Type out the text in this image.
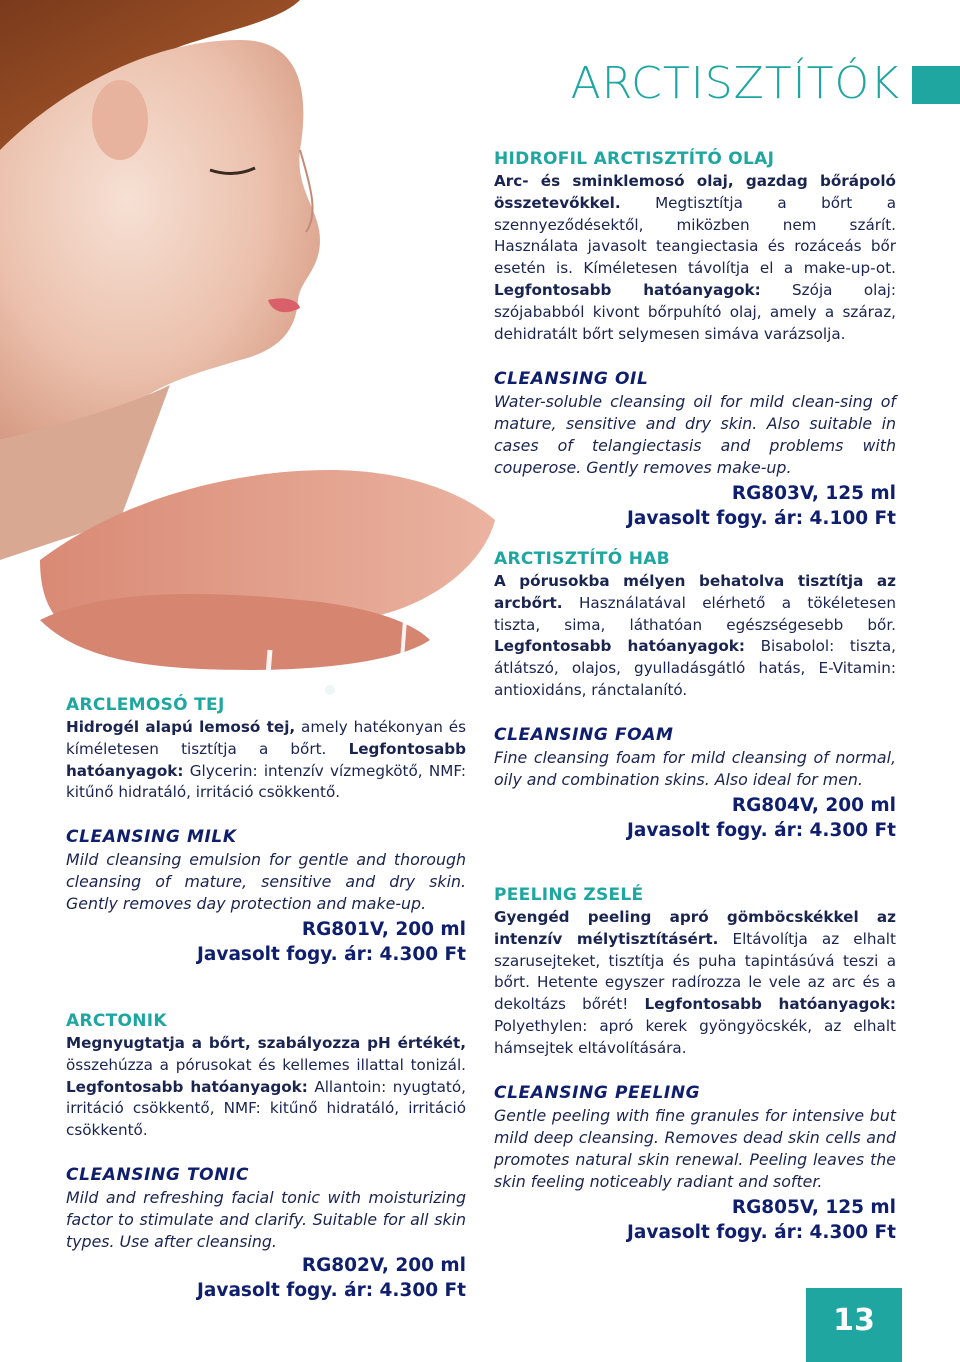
ARCTISZTÍTÓK
HIDROFIL ARCTISZTÍTÓ OLAJ

Arc- és sminklemosó olaj, gazdag bőrápoló összetevőkkel. Megtisztítja a bőrt a szennyeződésektől, miközben nem szárít. Használata javasolt teangiectasia és rozáceás bőr esetén is. Kíméletesen távolítja el a make-up-ot. Legfontosabb hatóanyagok: Szója olaj: szójababból kivont bőrpuhító olaj, amely a száraz, dehidratált bőrt selymesen simáva varázsolja.

CLEANSING OIL

Water-soluble cleansing oil for mild clean-sing of mature, sensitive and dry skin. Also suitable in cases of telangiectasis and problems with couperose. Gently removes make-up.

RG803V, 125 ml
Javasolt fogy. ár: 4.100 Ft
ARCTISZTÍTÓ HAB

A pórusokba mélyen behatolva tisztítja az arcbőrt. Használatával elérhető a tökéletesen tiszta, sima, láthatóan egészségesebb bőr. Legfontosabb hatóanyagok: Bisabolol: tiszta, átlátszó, olajos, gyulladásgátló hatás, E-Vitamin: antioxidáns, ránctalanító.

CLEANSING FOAM

Fine cleansing foam for mild cleansing of normal, oily and combination skins. Also ideal for men.

RG804V, 200 ml
Javasolt fogy. ár: 4.300 Ft
PEELING ZSELÉ

Gyengéd peeling apró gömböcskékkel az intenzív mélytisztításért. Eltávolítja az elhalt szarusejteket, tisztítja és puha tapintásúvá teszi a bőrt. Hetente egyszer radírozza le vele az arc és a dekoltázs bőrét! Legfontosabb hatóanyagok: Polyethylen: apró kerek gyöngyöcskék, az elhalt hámsejtek eltávolítására.

CLEANSING PEELING

Gentle peeling with fine granules for intensive but mild deep cleansing. Removes dead skin cells and promotes natural skin renewal. Peeling leaves the skin feeling noticeably radiant and softer.

RG805V, 125 ml
Javasolt fogy. ár: 4.300 Ft
ARCLEMOSÓ TEJ

Hidrogél alapú lemosó tej, amely hatékonyan és kíméletesen tisztítja a bőrt. Legfontosabb hatóanyagok: Glycerin: intenzív vízmegkötő, NMF: kitűnő hidratáló, irritáció csökkentő.

CLEANSING MILK

Mild cleansing emulsion for gentle and thorough cleansing of mature, sensitive and dry skin. Gently removes day protection and make-up.

RG801V, 200 ml
Javasolt fogy. ár: 4.300 Ft
ARCTONIK

Megnyugtatja a bőrt, szabályozza pH értékét, összehúzza a pórusokat és kellemes illattal tonizál. Legfontosabb hatóanyagok: Allantoin: nyugtató, irritáció csökkentő, NMF: kitűnő hidratáló, irritáció csökkentő.

CLEANSING TONIC

Mild and refreshing facial tonic with moisturizing factor to stimulate and clarify. Suitable for all skin types. Use after cleansing.

RG802V, 200 ml
Javasolt fogy. ár: 4.300 Ft
13
